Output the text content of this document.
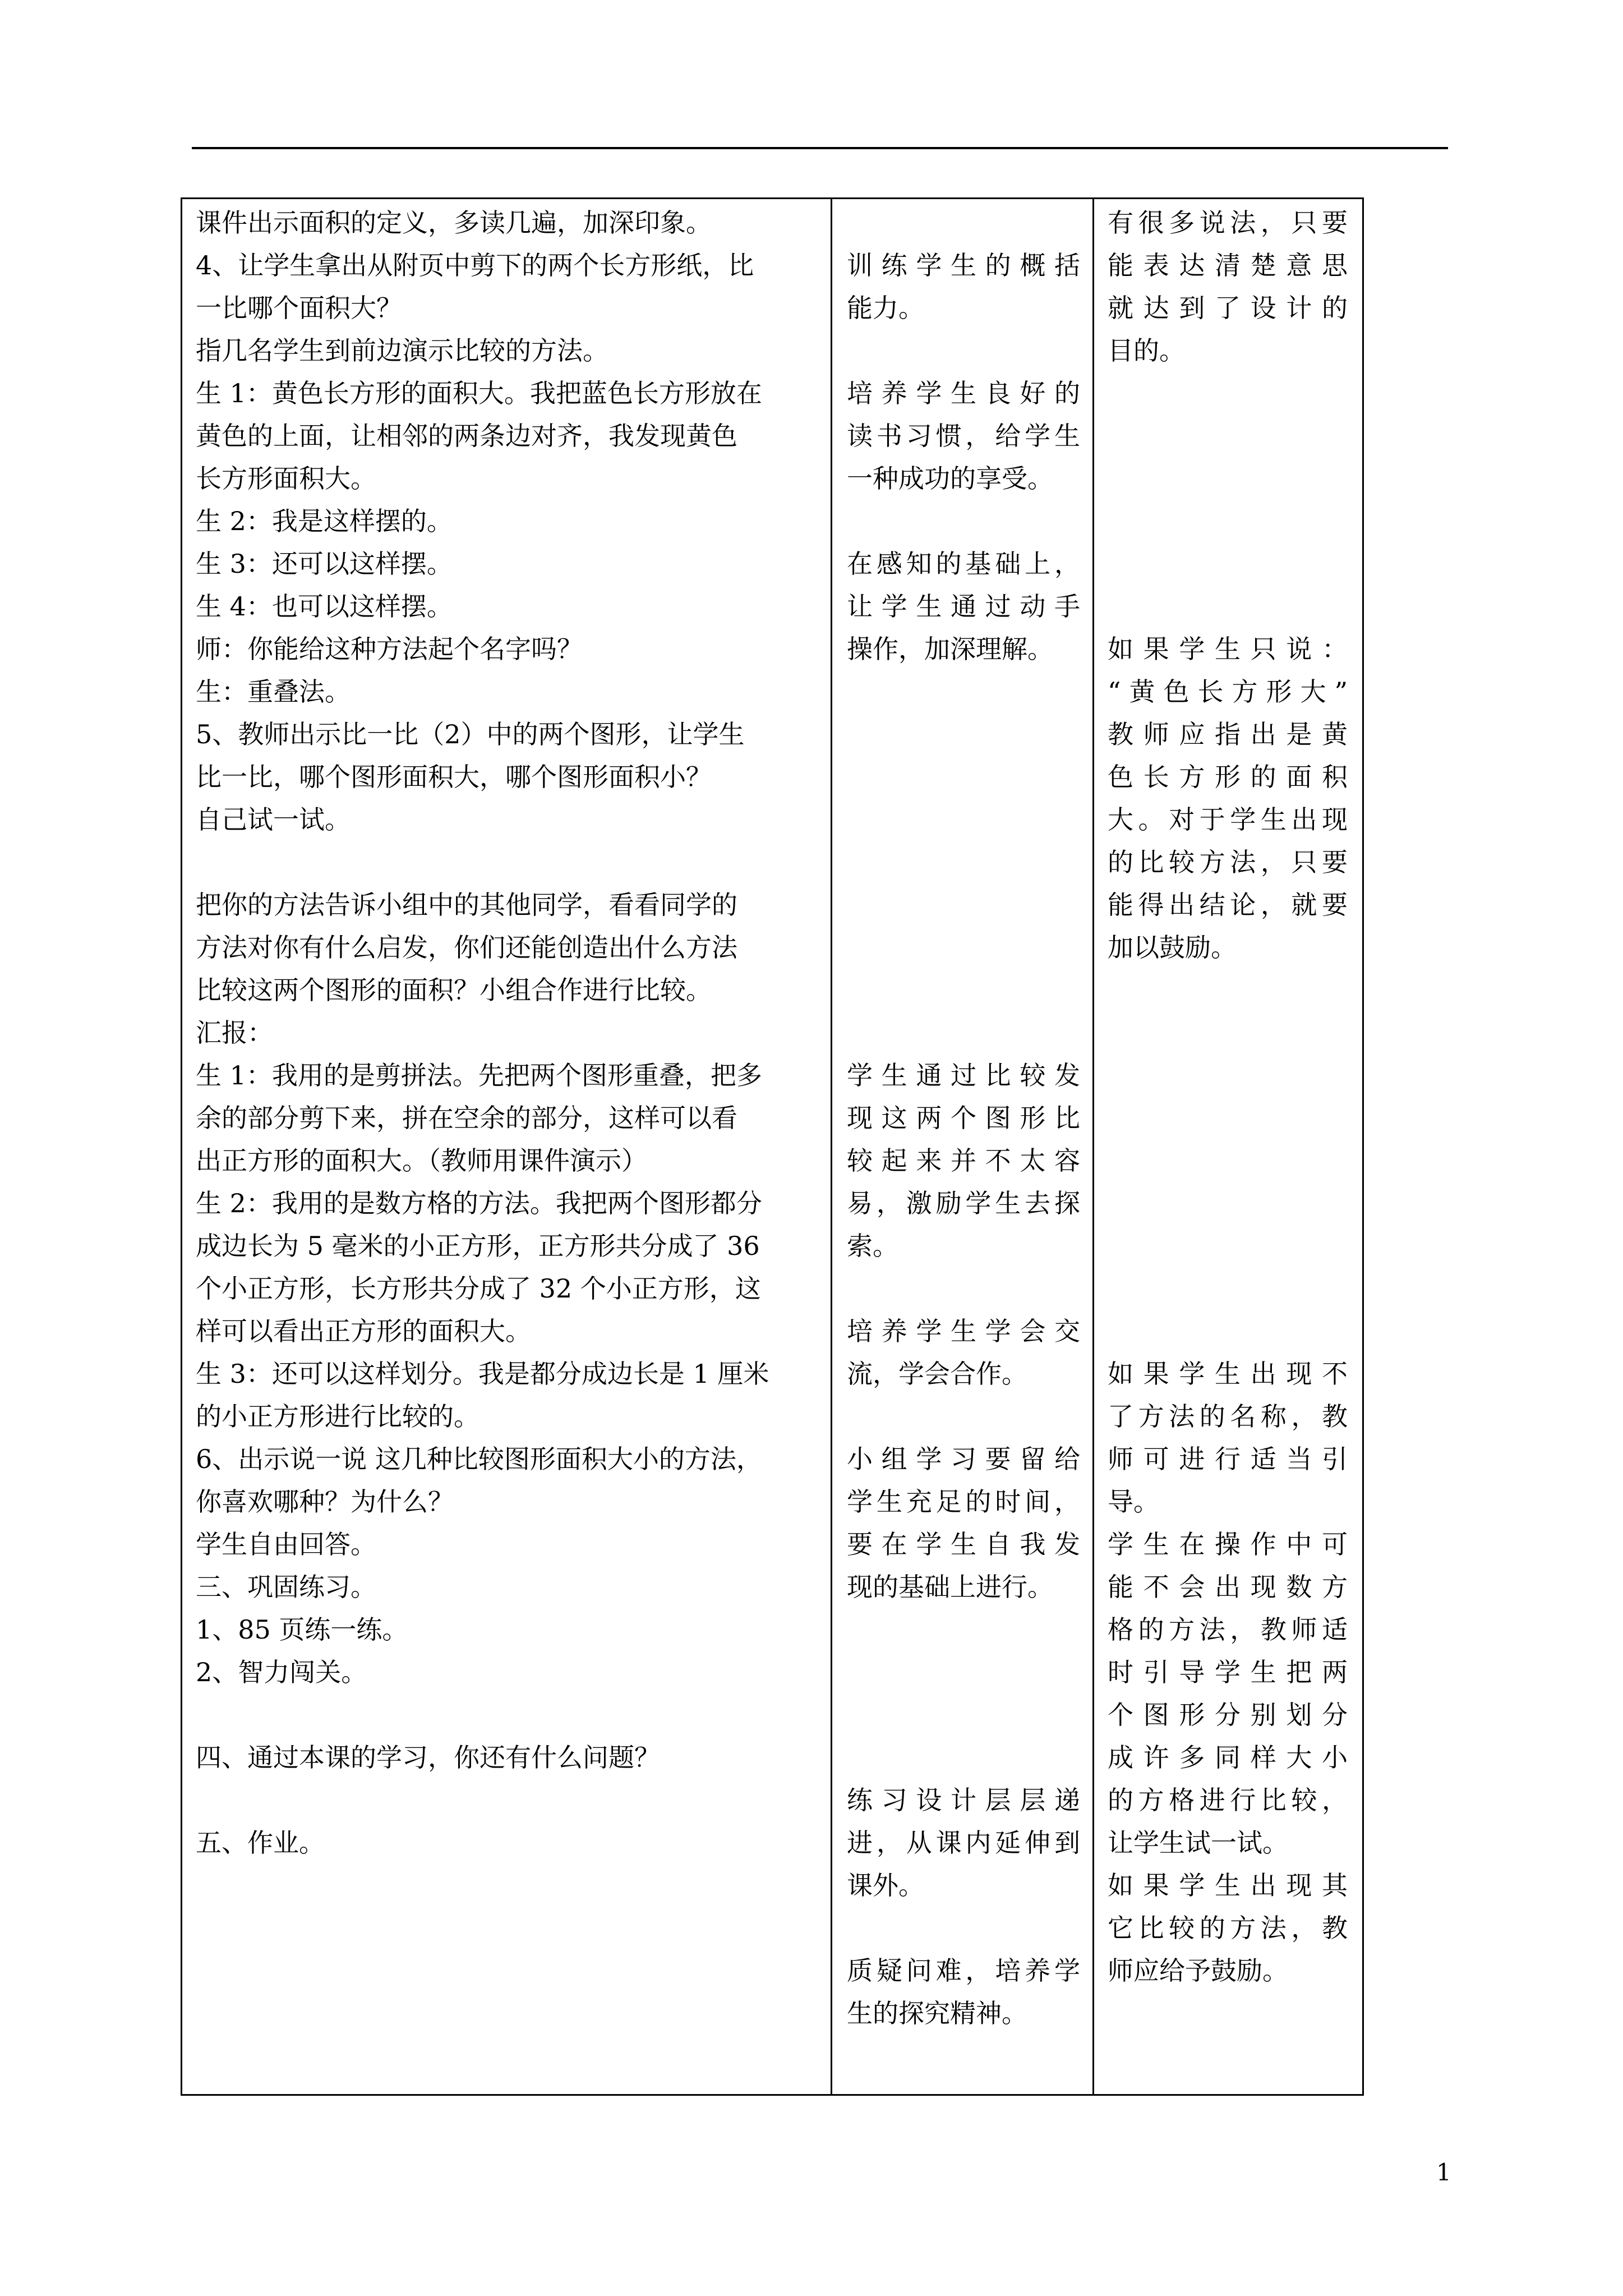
课件出示面积的定义，多读几遍，加深印象。
4、让学生拿出从附页中剪下的两个长方形纸，比
一比哪个面积大？
指几名学生到前边演示比较的方法。
生 1：黄色长方形的面积大。我把蓝色长方形放在
黄色的上面，让相邻的两条边对齐，我发现黄色
长方形面积大。
生 2：我是这样摆的。
生 3：还可以这样摆。
生 4：也可以这样摆。
师：你能给这种方法起个名字吗？
生：重叠法。
5、教师出示比一比（2）中的两个图形，让学生
比一比，哪个图形面积大，哪个图形面积小？
自己试一试。
把你的方法告诉小组中的其他同学，看看同学的
方法对你有什么启发，你们还能创造出什么方法
比较这两个图形的面积？小组合作进行比较。
汇报：
生 1：我用的是剪拼法。先把两个图形重叠，把多
余的部分剪下来，拼在空余的部分，这样可以看
出正方形的面积大。（教师用课件演示）
生 2：我用的是数方格的方法。我把两个图形都分
成边长为 5 毫米的小正方形，正方形共分成了 36
个小正方形，长方形共分成了 32 个小正方形，这
样可以看出正方形的面积大。
生 3：还可以这样划分。我是都分成边长是 1 厘米
的小正方形进行比较的。
6、出示说一说 这几种比较图形面积大小的方法，
你喜欢哪种？为什么？
学生自由回答。
三、巩固练习。
1、85 页练一练。
2、智力闯关。
四、通过本课的学习，你还有什么问题？
五、作业。

训练学生的概括
能力。
培养学生良好的
读书习惯，给学生
一种成功的享受。
在感知的基础上，
让学生通过动手
操作，加深理解。
学生通过比较发
现这两个图形比
较起来并不太容
易，激励学生去探
索。
培养学生学会交
流，学会合作。
小组学习要留给
学生充足的时间，
要在学生自我发
现的基础上进行。
练习设计层层递
进，从课内延伸到
课外。
质疑问难，培养学
生的探究精神。

有很多说法，只要
能表达清楚意思
就达到了设计的
目的。
如果学生只说：
“黄色长方形大”
教师应指出是黄
色长方形的面积
大。对于学生出现
的比较方法，只要
能得出结论，就要
加以鼓励。
如果学生出现不
了方法的名称，教
师可进行适当引
导。
学生在操作中可
能不会出现数方
格的方法，教师适
时引导学生把两
个图形分别划分
成许多同样大小
的方格进行比较，
让学生试一试。
如果学生出现其
它比较的方法，教
师应给予鼓励。
1
